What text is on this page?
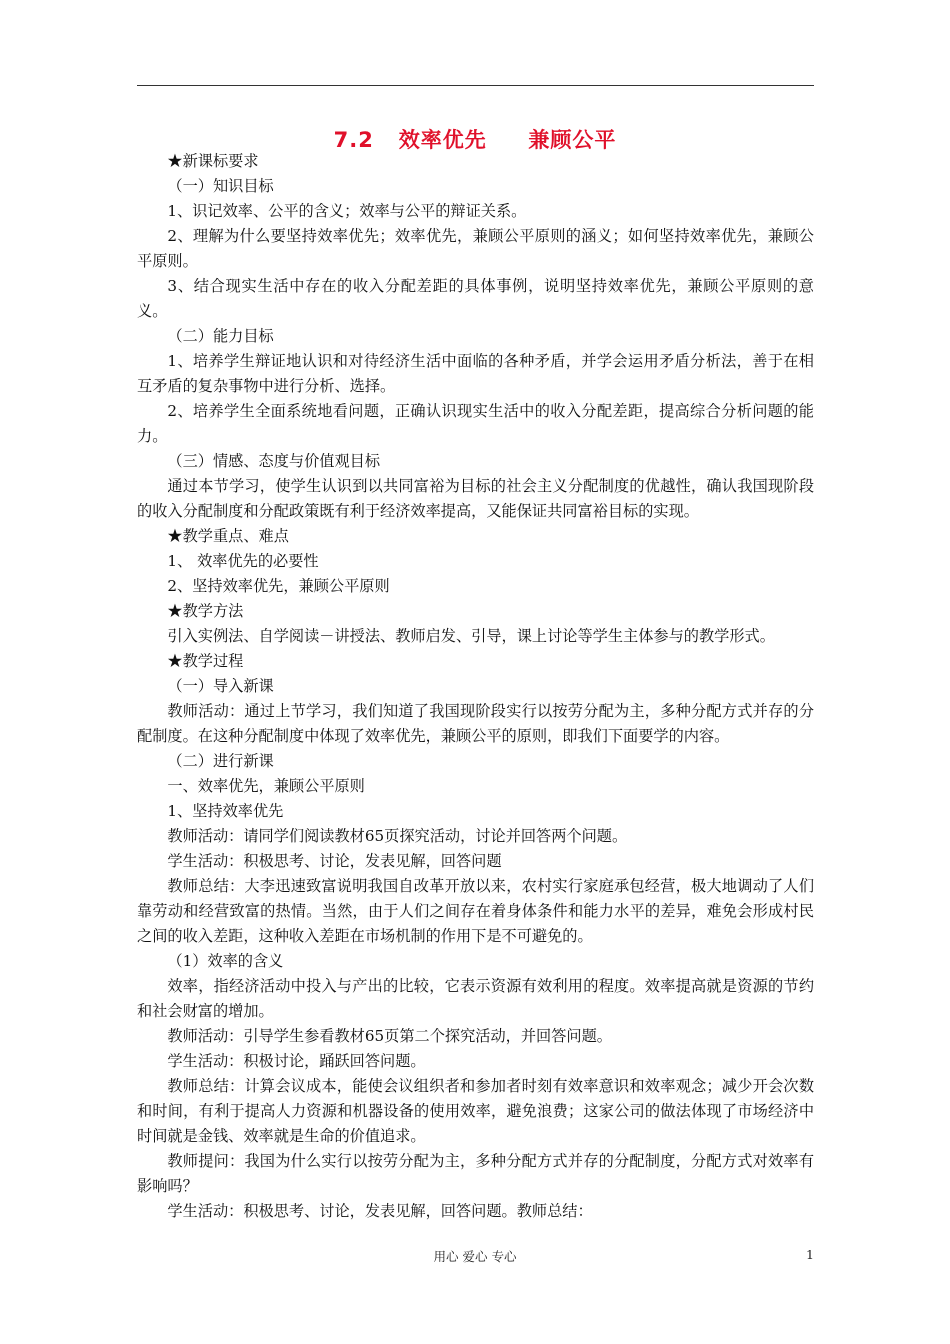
7.2 效率优先 兼顾公平

★新课标要求

（一）知识目标

1、识记效率、公平的含义；效率与公平的辩证关系。

2、理解为什么要坚持效率优先；效率优先，兼顾公平原则的涵义；如何坚持效率优先，兼顾公平原则。

3、结合现实生活中存在的收入分配差距的具体事例，说明坚持效率优先，兼顾公平原则的意义。

（二）能力目标

1、培养学生辩证地认识和对待经济生活中面临的各种矛盾，并学会运用矛盾分析法，善于在相互矛盾的复杂事物中进行分析、选择。

2、培养学生全面系统地看问题，正确认识现实生活中的收入分配差距，提高综合分析问题的能力。

（三）情感、态度与价值观目标

通过本节学习，使学生认识到以共同富裕为目标的社会主义分配制度的优越性，确认我国现阶段的收入分配制度和分配政策既有利于经济效率提高，又能保证共同富裕目标的实现。

★教学重点、难点

1、 效率优先的必要性

2、坚持效率优先，兼顾公平原则

★教学方法

引入实例法、自学阅读－讲授法、教师启发、引导，课上讨论等学生主体参与的教学形式。

★教学过程

（一）导入新课

教师活动：通过上节学习，我们知道了我国现阶段实行以按劳分配为主，多种分配方式并存的分配制度。在这种分配制度中体现了效率优先，兼顾公平的原则，即我们下面要学的内容。

（二）进行新课

一、效率优先，兼顾公平原则

1、坚持效率优先

教师活动：请同学们阅读教材65页探究活动，讨论并回答两个问题。

学生活动：积极思考、讨论，发表见解，回答问题

教师总结：大李迅速致富说明我国自改革开放以来，农村实行家庭承包经营，极大地调动了人们靠劳动和经营致富的热情。当然，由于人们之间存在着身体条件和能力水平的差异，难免会形成村民之间的收入差距，这种收入差距在市场机制的作用下是不可避免的。

（1）效率的含义

效率，指经济活动中投入与产出的比较，它表示资源有效利用的程度。效率提高就是资源的节约和社会财富的增加。

教师活动：引导学生参看教材65页第二个探究活动，并回答问题。

学生活动：积极讨论，踊跃回答问题。

教师总结：计算会议成本，能使会议组织者和参加者时刻有效率意识和效率观念；减少开会次数和时间，有利于提高人力资源和机器设备的使用效率，避免浪费；这家公司的做法体现了市场经济中时间就是金钱、效率就是生命的价值追求。

教师提问：我国为什么实行以按劳分配为主，多种分配方式并存的分配制度，分配方式对效率有影响吗？

学生活动：积极思考、讨论，发表见解，回答问题。教师总结：

用心 爱心 专心	1
